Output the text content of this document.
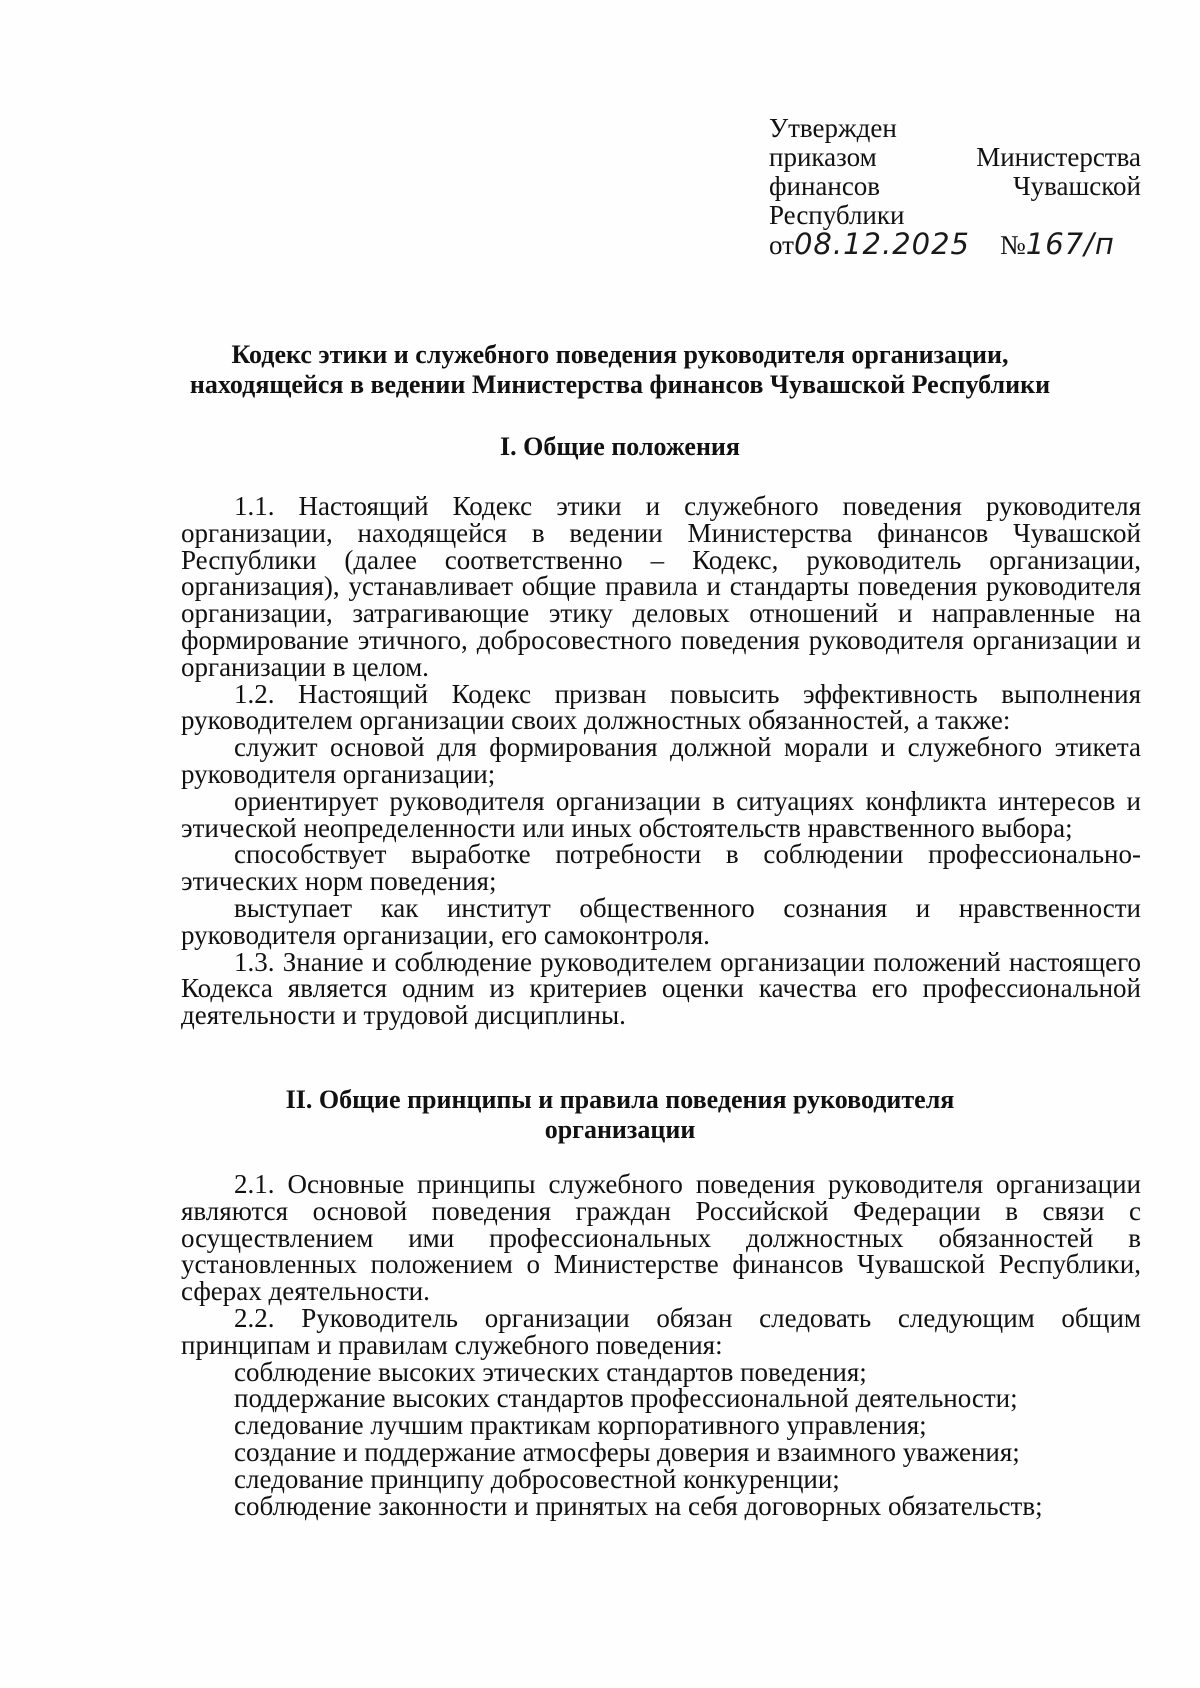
Утвержден
приказом	Министерства
финансов	Чувашской
Республики
от 08.12.2025 № 167/п
Кодекс этики и служебного поведения руководителя организации,
находящейся в ведении Министерства финансов Чувашской Республики
I. Общие положения

1.1. Настоящий Кодекс этики и служебного поведения руководителя организации, находящейся в ведении Министерства финансов Чувашской Республики (далее соответственно – Кодекс, руководитель организации, организация), устанавливает общие правила и стандарты поведения руководителя организации, затрагивающие этику деловых отношений и направленные на формирование этичного, добросовестного поведения руководителя организации и организации в целом.

1.2. Настоящий Кодекс призван повысить эффективность выполнения руководителем организации своих должностных обязанностей, а также:

служит основой для формирования должной морали и служебного этикета руководителя организации;

ориентирует руководителя организации в ситуациях конфликта интересов и этической неопределенности или иных обстоятельств нравственного выбора;

способствует выработке потребности в соблюдении профессионально-этических норм поведения;

выступает как институт общественного сознания и нравственности руководителя организации, его самоконтроля.

1.3. Знание и соблюдение руководителем организации положений настоящего Кодекса является одним из критериев оценки качества его профессиональной деятельности и трудовой дисциплины.

II. Общие принципы и правила поведения руководителя
организации

2.1. Основные принципы служебного поведения руководителя организации являются основой поведения граждан Российской Федерации в связи с осуществлением ими профессиональных должностных обязанностей в установленных положением о Министерстве финансов Чувашской Республики, сферах деятельности.

2.2. Руководитель организации обязан следовать следующим общим принципам и правилам служебного поведения:

соблюдение высоких этических стандартов поведения;

поддержание высоких стандартов профессиональной деятельности;

следование лучшим практикам корпоративного управления;

создание и поддержание атмосферы доверия и взаимного уважения;

следование принципу добросовестной конкуренции;

соблюдение законности и принятых на себя договорных обязательств;
